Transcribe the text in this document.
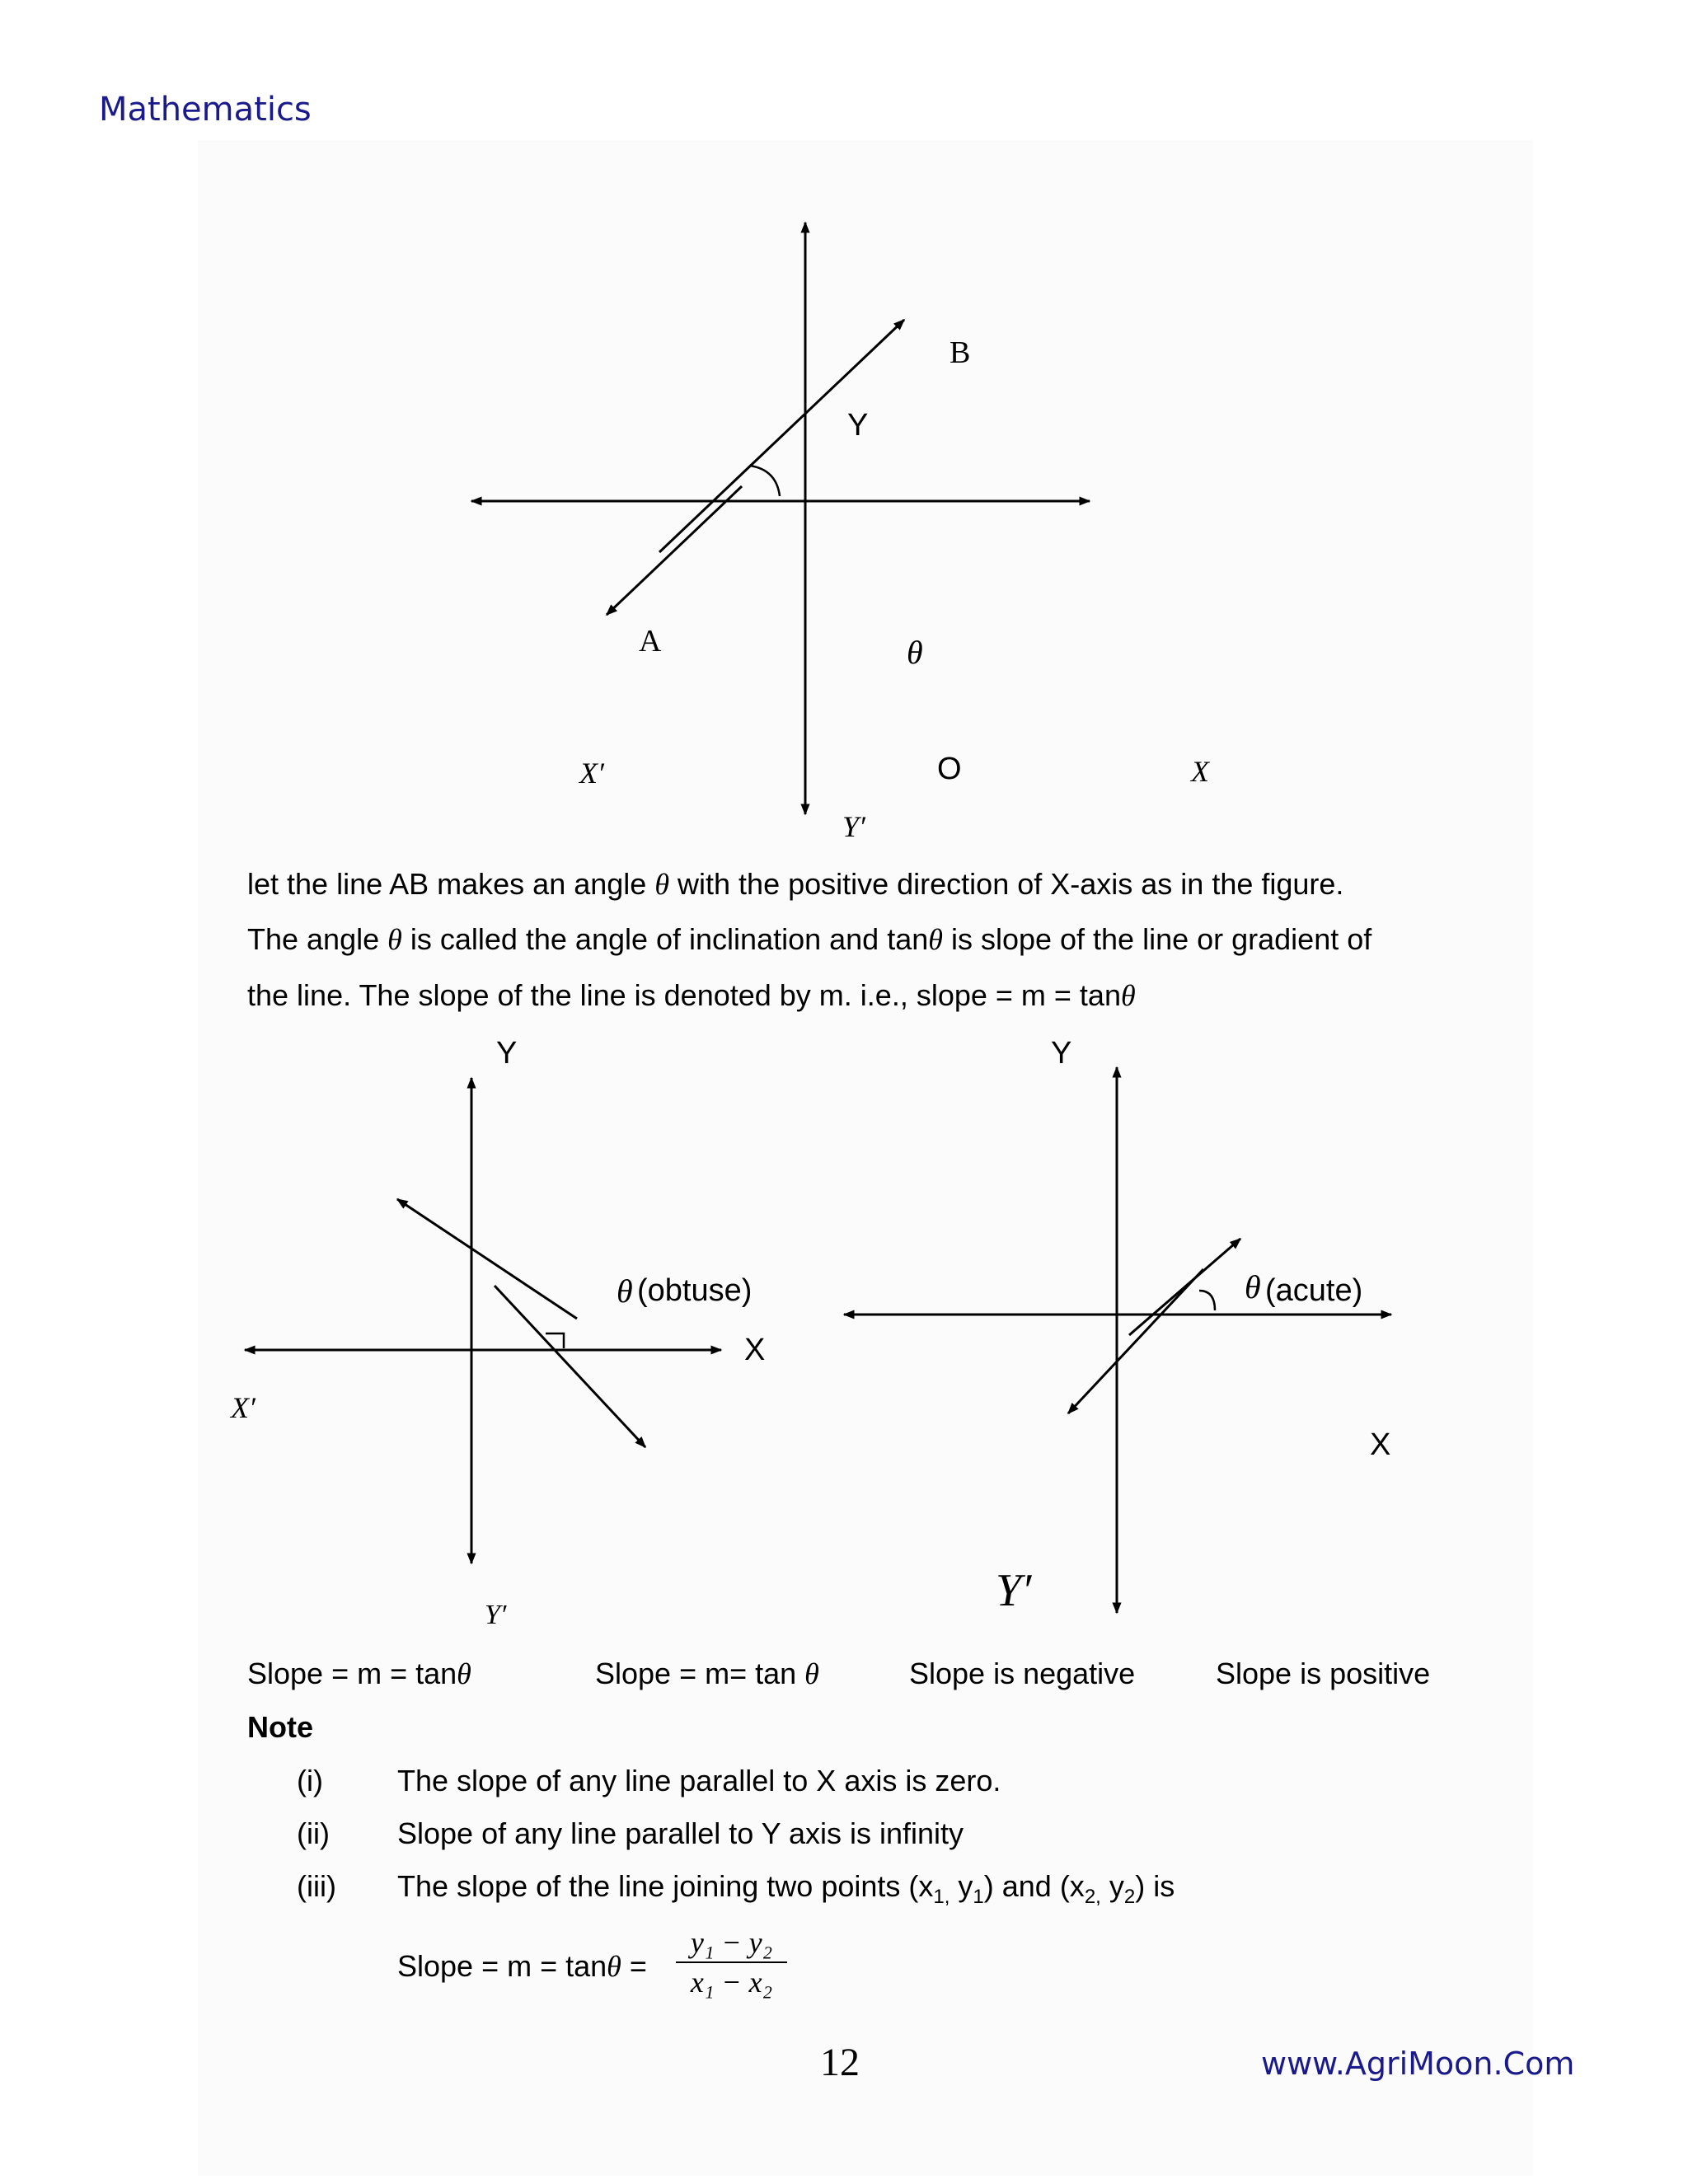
Mathematics
B
Y
A	θ
X′	O	X
Y′
Y
θ (obtuse)
X
X′
Y′
Y
θ (acute)
X
Y′
let the line AB makes an angle θ with the positive direction of X-axis as in the figure.
The angle θ is called the angle of inclination and tanθ is slope of the line or gradient of
the line. The slope of the line is denoted by m. i.e., slope = m = tanθ
Slope = m = tanθ	Slope = m= tan θ	Slope is negative	Slope is positive
Note
(i)	The slope of any line parallel to X axis is zero.
(ii) Slope of any line parallel to Y axis is infinity
(iii) The slope of the line joining two points ($x_{1,}$ $y_1$) and ($x_{2,}$ $y_2$) is
Slope = m = tanθ =
y₁ − y₂
x₁ − x₂
12	www.AgriMoon.Com
